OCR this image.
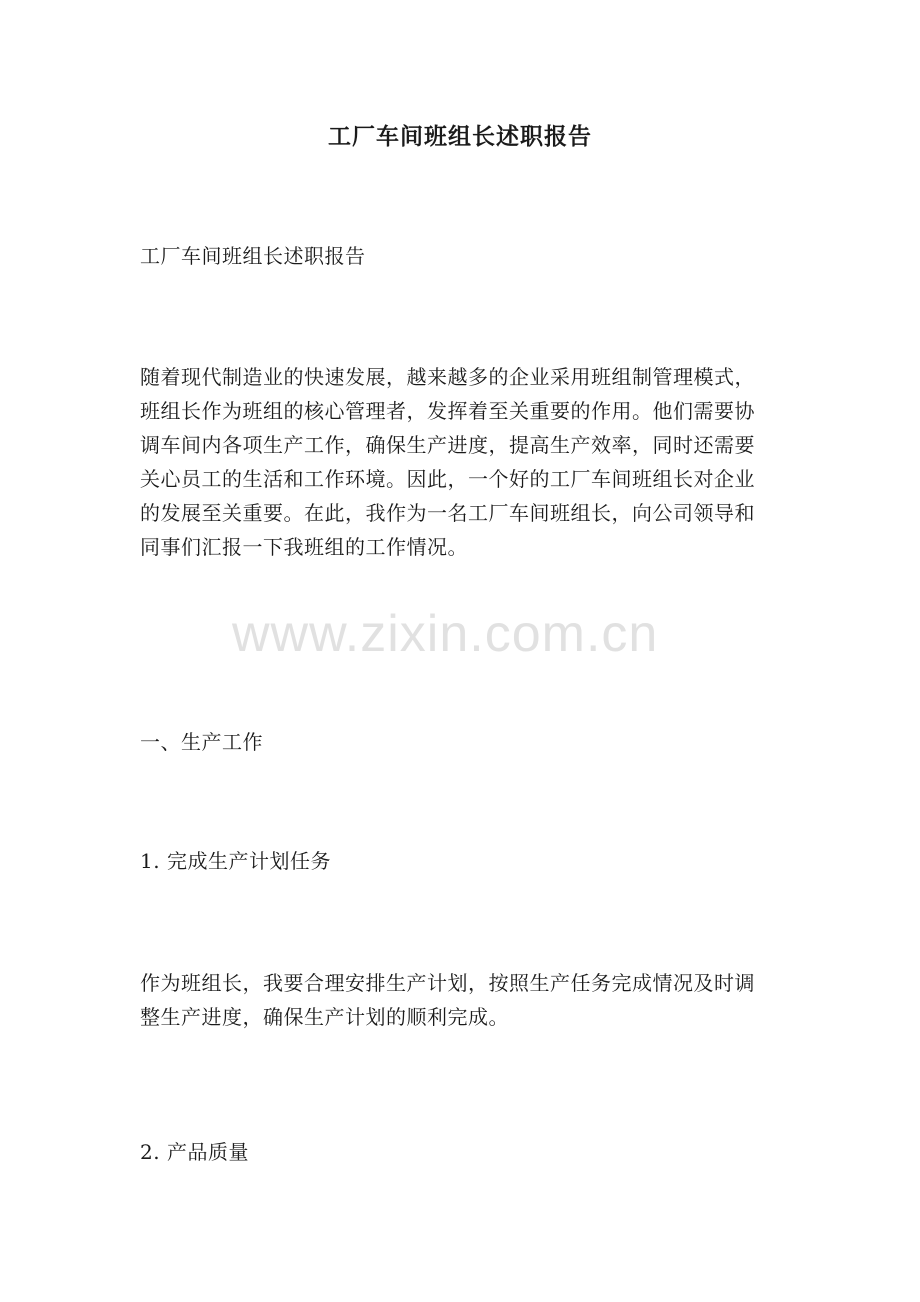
工厂车间班组长述职报告
工厂车间班组长述职报告
随着现代制造业的快速发展，越来越多的企业采用班组制管理模式，
班组长作为班组的核心管理者，发挥着至关重要的作用。他们需要协
调车间内各项生产工作，确保生产进度，提高生产效率，同时还需要
关心员工的生活和工作环境。因此，一个好的工厂车间班组长对企业
的发展至关重要。在此，我作为一名工厂车间班组长，向公司领导和
同事们汇报一下我班组的工作情况。
一、生产工作
1. 完成生产计划任务
作为班组长，我要合理安排生产计划，按照生产任务完成情况及时调
整生产进度，确保生产计划的顺利完成。
2. 产品质量
www.zixin.com.cn
